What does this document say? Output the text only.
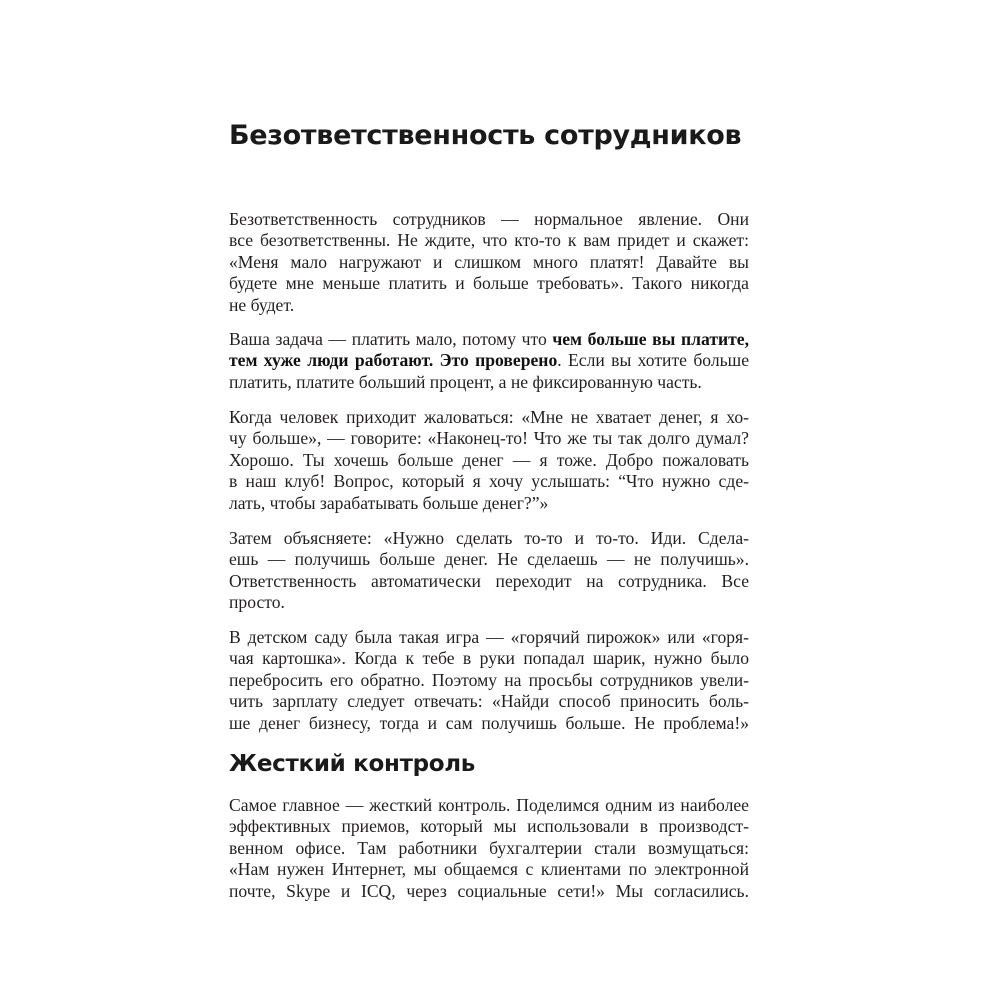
Безответственность сотрудников
Жесткий контроль
Безответственность сотрудников — нормальное явление. Они
все безответственны. Не ждите, что кто-то к вам придет и скажет:
«Меня мало нагружают и слишком много платят! Давайте вы
будете мне меньше платить и больше требовать». Такого никогда
не будет.
Ваша задача — платить мало, потому что чем больше вы платите,
тем хуже люди работают. Это проверено. Если вы хотите больше
платить, платите больший процент, а не фиксированную часть.
Когда человек приходит жаловаться: «Мне не хватает денег, я хо-
чу больше», — говорите: «Наконец-то! Что же ты так долго думал?
Хорошо. Ты хочешь больше денег — я тоже. Добро пожаловать
в наш клуб! Вопрос, который я хочу услышать: “Что нужно сде-
лать, чтобы зарабатывать больше денег?”»
Затем объясняете: «Нужно сделать то-то и то-то. Иди. Сдела-
ешь — получишь больше денег. Не сделаешь — не получишь».
Ответственность автоматически переходит на сотрудника. Все
просто.
В детском саду была такая игра — «горячий пирожок» или «горя-
чая картошка». Когда к тебе в руки попадал шарик, нужно было
перебросить его обратно. Поэтому на просьбы сотрудников увели-
чить зарплату следует отвечать: «Найди способ приносить боль-
ше денег бизнесу, тогда и сам получишь больше. Не проблема!»
Самое главное — жесткий контроль. Поделимся одним из наиболее
эффективных приемов, который мы использовали в производст-
венном офисе. Там работники бухгалтерии стали возмущаться:
«Нам нужен Интернет, мы общаемся с клиентами по электронной
почте, Skype и ICQ, через социальные сети!» Мы согласились.
